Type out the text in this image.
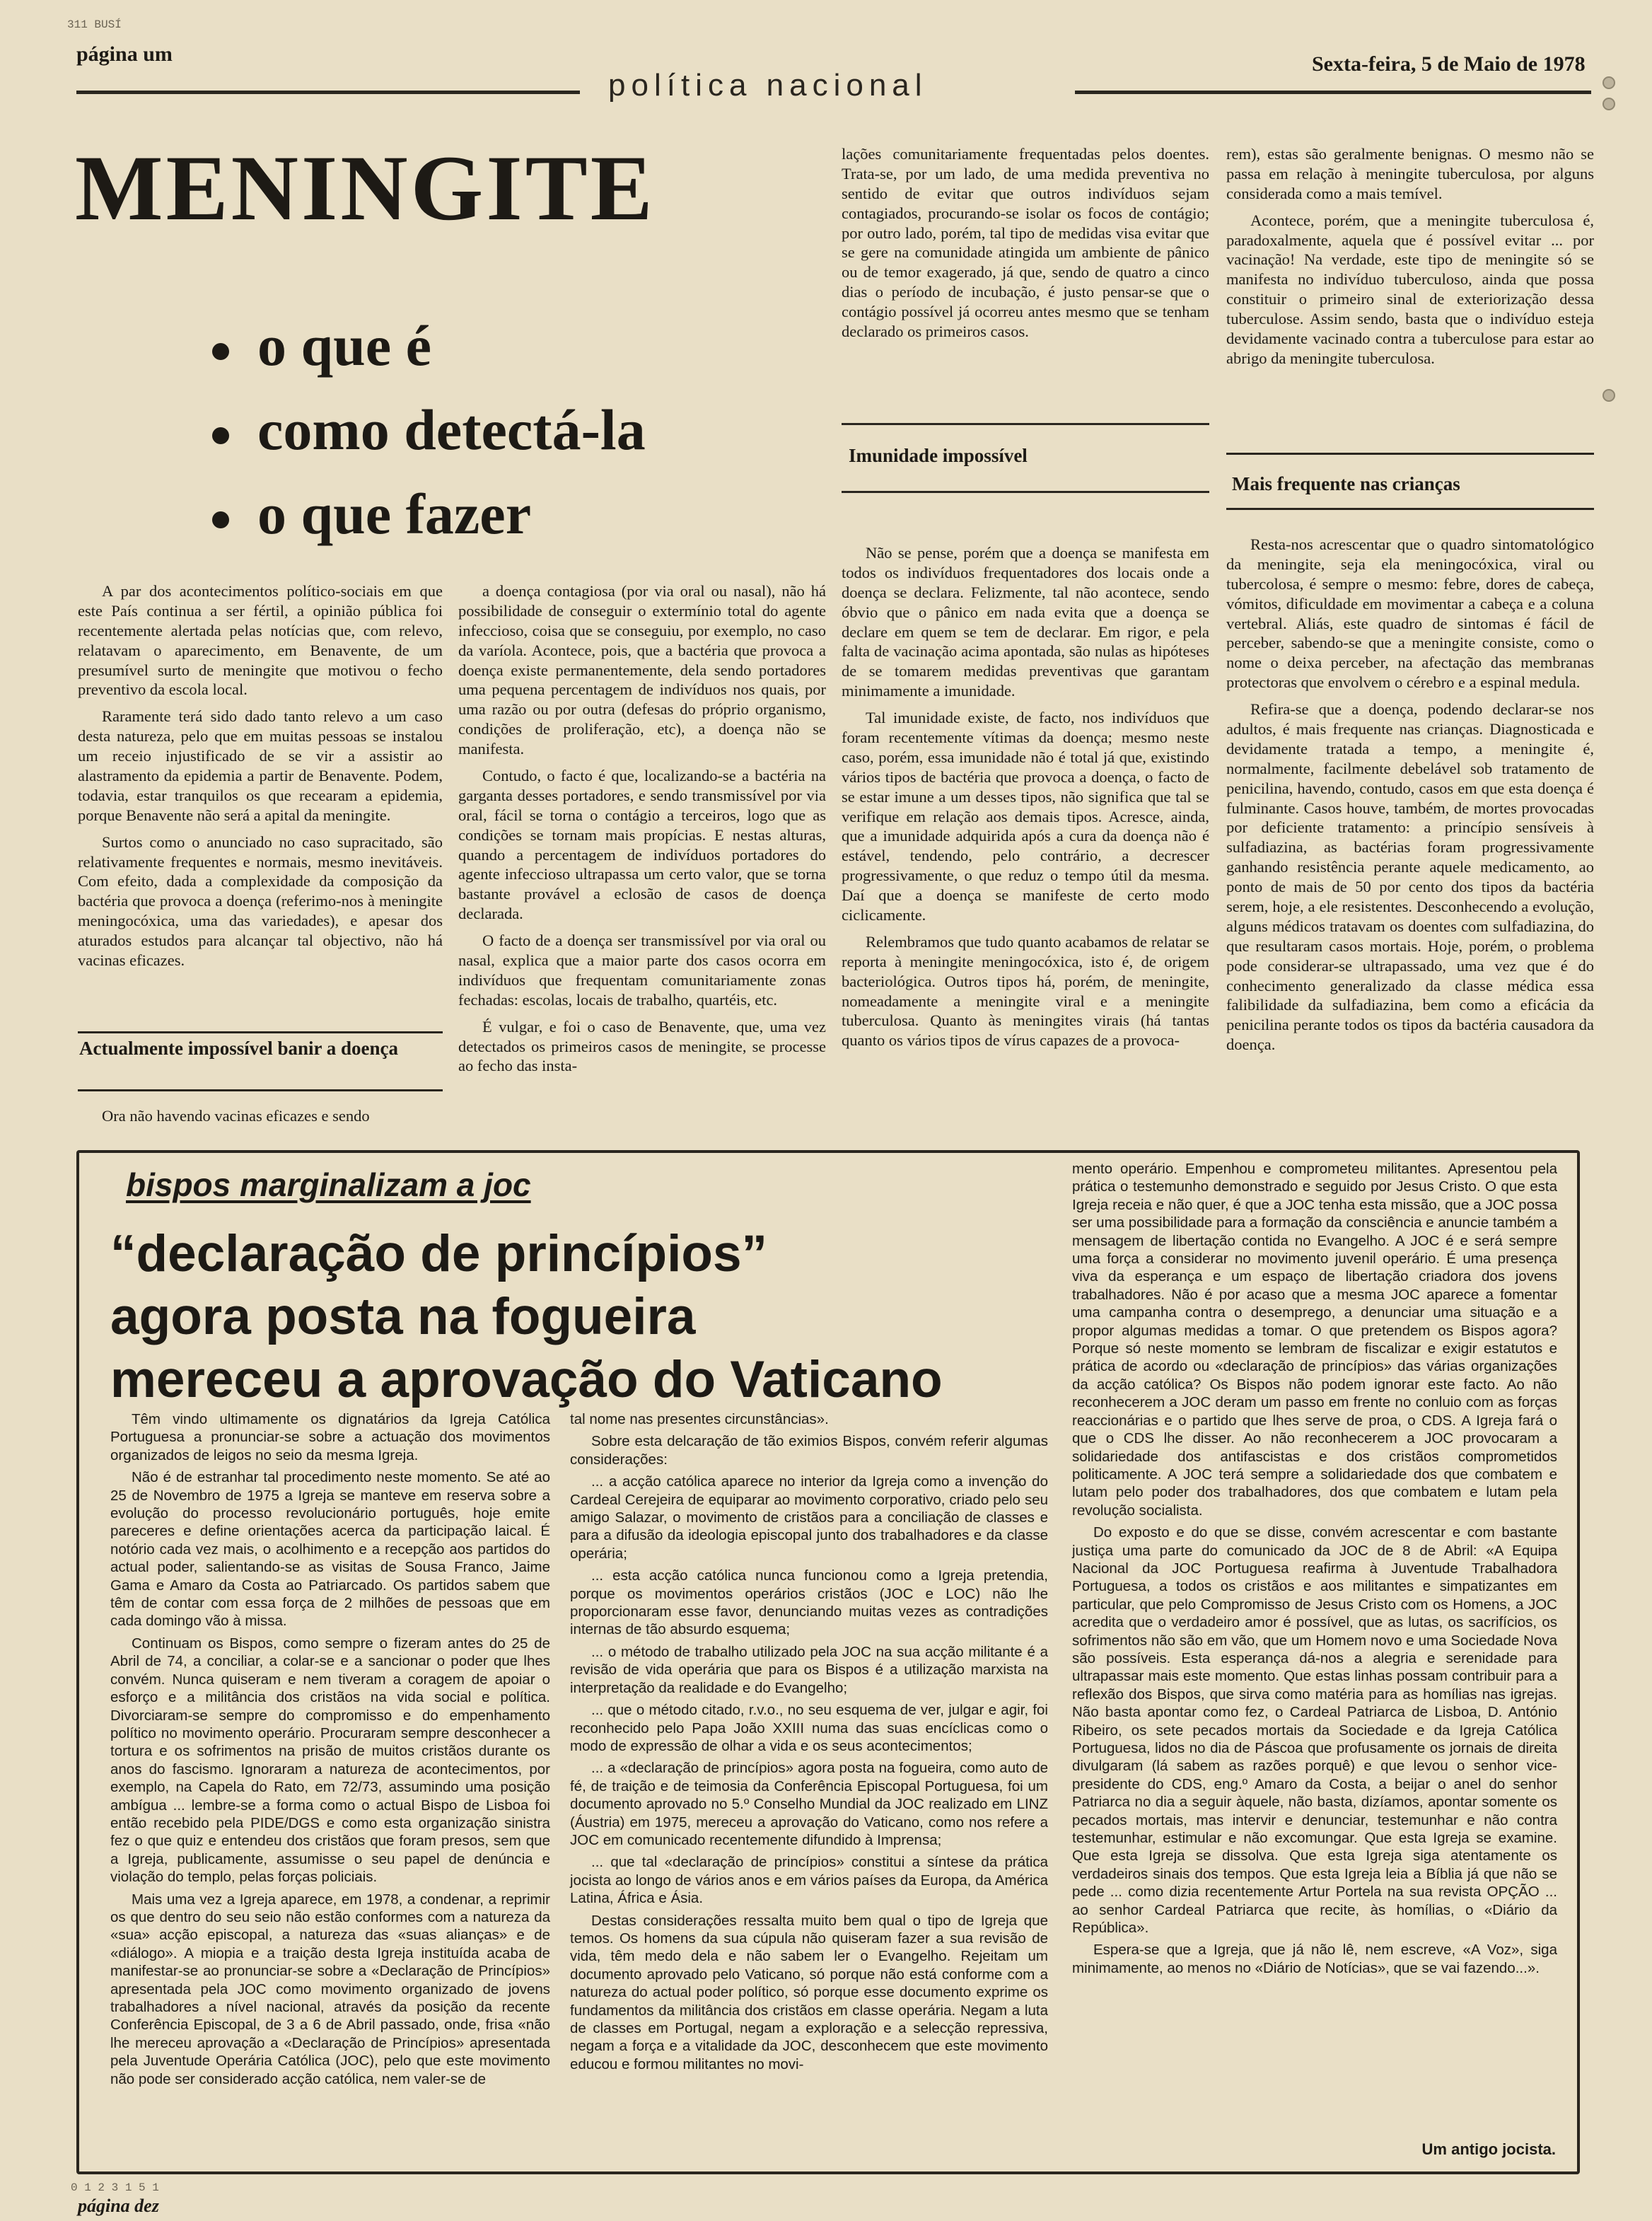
311 BUSÍ
página um
política nacional
Sexta-feira, 5 de Maio de 1978
MENINGITE
o que é
como detectá-la
o que fazer

A par dos acontecimentos político-sociais em que este País continua a ser fértil, a opinião pública foi recentemente alertada pelas notícias que, com relevo, relatavam o aparecimento, em Benavente, de um presumível surto de meningite que motivou o fecho preventivo da escola local.

Raramente terá sido dado tanto relevo a um caso desta natureza, pelo que em muitas pessoas se instalou um receio injustificado de se vir a assistir ao alastramento da epidemia a partir de Benavente. Podem, todavia, estar tranquilos os que recearam a epidemia, porque Benavente não será a apital da meningite.

Surtos como o anunciado no caso supracitado, são relativamente frequentes e normais, mesmo inevitáveis. Com efeito, dada a complexidade da composição da bactéria que provoca a doença (referimo-nos à meningite meningocóxica, uma das variedades), e apesar dos aturados estudos para alcançar tal objectivo, não há vacinas eficazes.

Actualmente impossível banir a doença

Ora não havendo vacinas eficazes e sendo

a doença contagiosa (por via oral ou nasal), não há possibilidade de conseguir o extermínio total do agente infeccioso, coisa que se conseguiu, por exemplo, no caso da varíola. Acontece, pois, que a bactéria que provoca a doença existe permanentemente, dela sendo portadores uma pequena percentagem de indivíduos nos quais, por uma razão ou por outra (defesas do próprio organismo, condições de proliferação, etc), a doença não se manifesta.

Contudo, o facto é que, localizando-se a bactéria na garganta desses portadores, e sendo transmissível por via oral, fácil se torna o contágio a terceiros, logo que as condições se tornam mais propícias. E nestas alturas, quando a percentagem de indivíduos portadores do agente infeccioso ultrapassa um certo valor, que se torna bastante provável a eclosão de casos de doença declarada.

O facto de a doença ser transmissível por via oral ou nasal, explica que a maior parte dos casos ocorra em indivíduos que frequentam comunitariamente zonas fechadas: escolas, locais de trabalho, quartéis, etc.

É vulgar, e foi o caso de Benavente, que, uma vez detectados os primeiros casos de meningite, se processe ao fecho das insta-

lações comunitariamente frequentadas pelos doentes. Trata-se, por um lado, de uma medida preventiva no sentido de evitar que outros indivíduos sejam contagiados, procurando-se isolar os focos de contágio; por outro lado, porém, tal tipo de medidas visa evitar que se gere na comunidade atingida um ambiente de pânico ou de temor exagerado, já que, sendo de quatro a cinco dias o período de incubação, é justo pensar-se que o contágio possível já ocorreu antes mesmo que se tenham declarado os primeiros casos.

Imunidade impossível

Não se pense, porém que a doença se manifesta em todos os indivíduos frequentadores dos locais onde a doença se declara. Felizmente, tal não acontece, sendo óbvio que o pânico em nada evita que a doença se declare em quem se tem de declarar. Em rigor, e pela falta de vacinação acima apontada, são nulas as hipóteses de se tomarem medidas preventivas que garantam minimamente a imunidade.

Tal imunidade existe, de facto, nos indivíduos que foram recentemente vítimas da doença; mesmo neste caso, porém, essa imunidade não é total já que, existindo vários tipos de bactéria que provoca a doença, o facto de se estar imune a um desses tipos, não significa que tal se verifique em relação aos demais tipos. Acresce, ainda, que a imunidade adquirida após a cura da doença não é estável, tendendo, pelo contrário, a decrescer progressivamente, o que reduz o tempo útil da mesma. Daí que a doença se manifeste de certo modo ciclicamente.

Relembramos que tudo quanto acabamos de relatar se reporta à meningite meningocóxica, isto é, de origem bacteriológica. Outros tipos há, porém, de meningite, nomeadamente a meningite viral e a meningite tuberculosa. Quanto às meningites virais (há tantas quanto os vários tipos de vírus capazes de a provoca-

rem), estas são geralmente benignas. O mesmo não se passa em relação à meningite tuberculosa, por alguns considerada como a mais temível.

Acontece, porém, que a meningite tuberculosa é, paradoxalmente, aquela que é possível evitar ... por vacinação! Na verdade, este tipo de meningite só se manifesta no indivíduo tuberculoso, ainda que possa constituir o primeiro sinal de exteriorização dessa tuberculose. Assim sendo, basta que o indivíduo esteja devidamente vacinado contra a tuberculose para estar ao abrigo da meningite tuberculosa.

Mais frequente nas crianças

Resta-nos acrescentar que o quadro sintomatológico da meningite, seja ela meningocóxica, viral ou tubercolosa, é sempre o mesmo: febre, dores de cabeça, vómitos, dificuldade em movimentar a cabeça e a coluna vertebral. Aliás, este quadro de sintomas é fácil de perceber, sabendo-se que a meningite consiste, como o nome o deixa perceber, na afectação das membranas protectoras que envolvem o cérebro e a espinal medula.

Refira-se que a doença, podendo declarar-se nos adultos, é mais frequente nas crianças. Diagnosticada e devidamente tratada a tempo, a meningite é, normalmente, facilmente debelável sob tratamento de penicilina, havendo, contudo, casos em que esta doença é fulminante. Casos houve, também, de mortes provocadas por deficiente tratamento: a princípio sensíveis à sulfadiazina, as bactérias foram progressivamente ganhando resistência perante aquele medicamento, ao ponto de mais de 50 por cento dos tipos da bactéria serem, hoje, a ele resistentes. Desconhecendo a evolução, alguns médicos tratavam os doentes com sulfadiazina, do que resultaram casos mortais. Hoje, porém, o problema pode considerar-se ultrapassado, uma vez que é do conhecimento generalizado da classe médica essa falibilidade da sulfadiazina, bem como a eficácia da penicilina perante todos os tipos da bactéria causadora da doença.

bispos marginalizam a joc
“declaração de princípios”
agora posta na fogueira
mereceu a aprovação do Vaticano

Têm vindo ultimamente os dignatários da Igreja Católica Portuguesa a pronunciar-se sobre a actuação dos movimentos organizados de leigos no seio da mesma Igreja.

Não é de estranhar tal procedimento neste momento. Se até ao 25 de Novembro de 1975 a Igreja se manteve em reserva sobre a evolução do processo revolucionário português, hoje emite pareceres e define orientações acerca da participação laical. É notório cada vez mais, o acolhimento e a recepção aos partidos do actual poder, salientando-se as visitas de Sousa Franco, Jaime Gama e Amaro da Costa ao Patriarcado. Os partidos sabem que têm de contar com essa força de 2 milhões de pessoas que em cada domingo vão à missa.

Continuam os Bispos, como sempre o fizeram antes do 25 de Abril de 74, a conciliar, a colar-se e a sancionar o poder que lhes convém. Nunca quiseram e nem tiveram a coragem de apoiar o esforço e a militância dos cristãos na vida social e política. Divorciaram-se sempre do compromisso e do empenhamento político no movimento operário. Procuraram sempre desconhecer a tortura e os sofrimentos na prisão de muitos cristãos durante os anos do fascismo. Ignoraram a natureza de acontecimentos, por exemplo, na Capela do Rato, em 72/73, assumindo uma posição ambígua ... lembre-se a forma como o actual Bispo de Lisboa foi então recebido pela PIDE/DGS e como esta organização sinistra fez o que quiz e entendeu dos cristãos que foram presos, sem que a Igreja, publicamente, assumisse o seu papel de denúncia e violação do templo, pelas forças policiais.

Mais uma vez a Igreja aparece, em 1978, a condenar, a reprimir os que dentro do seu seio não estão conformes com a natureza da «sua» acção episcopal, a natureza das «suas alianças» e de «diálogo». A miopia e a traição desta Igreja instituída acaba de manifestar-se ao pronunciar-se sobre a «Declaração de Princípios» apresentada pela JOC como movimento organizado de jovens trabalhadores a nível nacional, através da posição da recente Conferência Episcopal, de 3 a 6 de Abril passado, onde, frisa «não lhe mereceu aprovação a «Declaração de Princípios» apresentada pela Juventude Operária Católica (JOC), pelo que este movimento não pode ser considerado acção católica, nem valer-se de

tal nome nas presentes circunstâncias».

Sobre esta delcaração de tão eximios Bispos, convém referir algumas considerações:

... a acção católica aparece no interior da Igreja como a invenção do Cardeal Cerejeira de equiparar ao movimento corporativo, criado pelo seu amigo Salazar, o movimento de cristãos para a conciliação de classes e para a difusão da ideologia episcopal junto dos trabalhadores e da classe operária;

... esta acção católica nunca funcionou como a Igreja pretendia, porque os movimentos operários cristãos (JOC e LOC) não lhe proporcionaram esse favor, denunciando muitas vezes as contradições internas de tão absurdo esquema;

... o método de trabalho utilizado pela JOC na sua acção militante é a revisão de vida operária que para os Bispos é a utilização marxista na interpretação da realidade e do Evangelho;

... que o método citado, r.v.o., no seu esquema de ver, julgar e agir, foi reconhecido pelo Papa João XXIII numa das suas encíclicas como o modo de expressão de olhar a vida e os seus acontecimentos;

... a «declaração de princípios» agora posta na fogueira, como auto de fé, de traição e de teimosia da Conferência Episcopal Portuguesa, foi um documento aprovado no 5.º Conselho Mundial da JOC realizado em LINZ (Áustria) em 1975, mereceu a aprovação do Vaticano, como nos refere a JOC em comunicado recentemente difundido à Imprensa;

... que tal «declaração de princípios» constitui a síntese da prática jocista ao longo de vários anos e em vários países da Europa, da América Latina, África e Ásia.

Destas considerações ressalta muito bem qual o tipo de Igreja que temos. Os homens da sua cúpula não quiseram fazer a sua revisão de vida, têm medo dela e não sabem ler o Evangelho. Rejeitam um documento aprovado pelo Vaticano, só porque não está conforme com a natureza do actual poder político, só porque esse documento exprime os fundamentos da militância dos cristãos em classe operária. Negam a luta de classes em Portugal, negam a exploração e a selecção repressiva, negam a força e a vitalidade da JOC, desconhecem que este movimento educou e formou militantes no movi-

mento operário. Empenhou e comprometeu militantes. Apresentou pela prática o testemunho demonstrado e seguido por Jesus Cristo. O que esta Igreja receia e não quer, é que a JOC tenha esta missão, que a JOC possa ser uma possibilidade para a formação da consciência e anuncie também a mensagem de libertação contida no Evangelho. A JOC é e será sempre uma força a considerar no movimento juvenil operário. É uma presença viva da esperança e um espaço de libertação criadora dos jovens trabalhadores. Não é por acaso que a mesma JOC aparece a fomentar uma campanha contra o desemprego, a denunciar uma situação e a propor algumas medidas a tomar. O que pretendem os Bispos agora? Porque só neste momento se lembram de fiscalizar e exigir estatutos e prática de acordo ou «declaração de princípios» das várias organizações da acção católica? Os Bispos não podem ignorar este facto. Ao não reconhecerem a JOC deram um passo em frente no conluio com as forças reaccionárias e o partido que lhes serve de proa, o CDS. A Igreja fará o que o CDS lhe disser. Ao não reconhecerem a JOC provocaram a solidariedade dos antifascistas e dos cristãos comprometidos politicamente. A JOC terá sempre a solidariedade dos que combatem e lutam pelo poder dos trabalhadores, dos que combatem e lutam pela revolução socialista.

Do exposto e do que se disse, convém acrescentar e com bastante justiça uma parte do comunicado da JOC de 8 de Abril: «A Equipa Nacional da JOC Portuguesa reafirma à Juventude Trabalhadora Portuguesa, a todos os cristãos e aos militantes e simpatizantes em particular, que pelo Compromisso de Jesus Cristo com os Homens, a JOC acredita que o verdadeiro amor é possível, que as lutas, os sacrifícios, os sofrimentos não são em vão, que um Homem novo e uma Sociedade Nova são possíveis. Esta esperança dá-nos a alegria e serenidade para ultrapassar mais este momento. Que estas linhas possam contribuir para a reflexão dos Bispos, que sirva como matéria para as homílias nas igrejas. Não basta apontar como fez, o Cardeal Patriarca de Lisboa, D. António Ribeiro, os sete pecados mortais da Sociedade e da Igreja Católica Portuguesa, lidos no dia de Páscoa que profusamente os jornais de direita divulgaram (lá sabem as razões porquê) e que levou o senhor vice-presidente do CDS, eng.º Amaro da Costa, a beijar o anel do senhor Patriarca no dia a seguir àquele, não basta, dizíamos, apontar somente os pecados mortais, mas intervir e denunciar, testemunhar e não contra testemunhar, estimular e não excomungar. Que esta Igreja se examine. Que esta Igreja se dissolva. Que esta Igreja siga atentamente os verdadeiros sinais dos tempos. Que esta Igreja leia a Bíblia já que não se pede ... como dizia recentemente Artur Portela na sua revista OPÇÃO ... ao senhor Cardeal Patriarca que recite, às homílias, o «Diário da República».

Espera-se que a Igreja, que já não lê, nem escreve, «A Voz», siga minimamente, ao menos no «Diário de Notícias», que se vai fazendo...».

Um antigo jocista.
0 1 2 3 1 5 1
página dez
